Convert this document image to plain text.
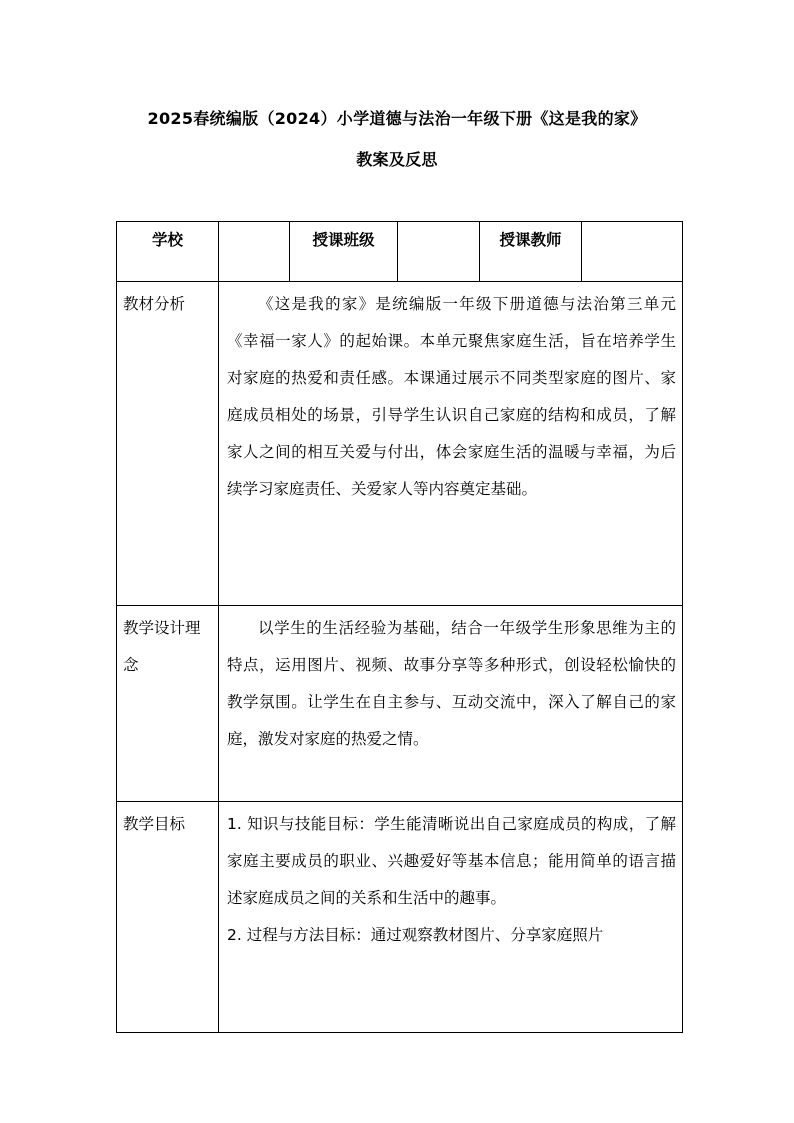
2025春统编版（2024）小学道德与法治一年级下册《这是我的家》
教案及反思
学校		授课班级		授课教师	
教材分析	《这是我的家》是统编版一年级下册道德与法治第三单元《幸福一家人》的起始课。本单元聚焦家庭生活，旨在培养学生对家庭的热爱和责任感。本课通过展示不同类型家庭的图片、家庭成员相处的场景，引导学生认识自己家庭的结构和成员，了解家人之间的相互关爱与付出，体会家庭生活的温暖与幸福，为后续学习家庭责任、关爱家人等内容奠定基础。				

教学设计理念	以学生的生活经验为基础，结合一年级学生形象思维为主的特点，运用图片、视频、故事分享等多种形式，创设轻松愉快的教学氛围。让学生在自主参与、互动交流中，深入了解自己的家庭，激发对家庭的热爱之情。				

教学目标	1. 知识与技能目标：学生能清晰说出自己家庭成员的构成，了解家庭主要成员的职业、兴趣爱好等基本信息；能用简单的语言描述家庭成员之间的关系和生活中的趣事。

2. 过程与方法目标：通过观察教材图片、分享家庭照片				
